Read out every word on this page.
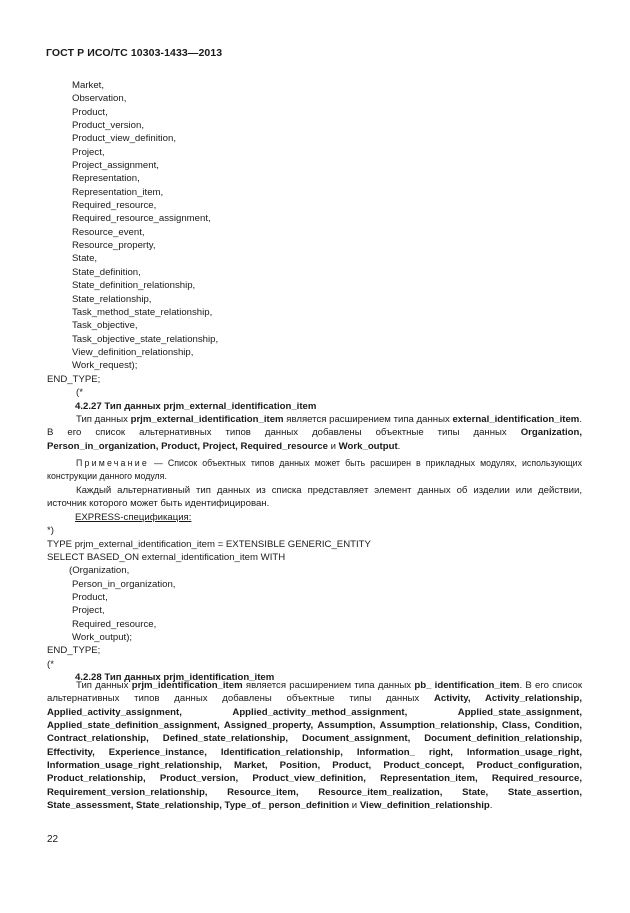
ГОСТ Р ИСО/ТС 10303-1433—2013
Market,
Observation,
Product,
Product_version,
Product_view_definition,
Project,
Project_assignment,
Representation,
Representation_item,
Required_resource,
Required_resource_assignment,
Resource_event,
Resource_property,
State,
State_definition,
State_definition_relationship,
State_relationship,
Task_method_state_relationship,
Task_objective,
Task_objective_state_relationship,
View_definition_relationship,
Work_request);
END_TYPE;
(*
4.2.27 Тип данных prjm_external_identification_item
Тип данных prjm_external_identification_item является расширением типа данных external_identification_item. В его список альтернативных типов данных добавлены объектные типы данных Organization, Person_in_organization, Product, Project, Required_resource и Work_output.
Примечание — Список объектных типов данных может быть расширен в прикладных модулях, использующих конструкции данного модуля.
Каждый альтернативный тип данных из списка представляет элемент данных об изделии или действии, источник которого может быть идентифицирован.
EXPRESS-спецификация:
*)
TYPE prjm_external_identification_item = EXTENSIBLE GENERIC_ENTITY
SELECT BASED_ON external_identification_item WITH
(Organization,
Person_in_organization,
Product,
Project,
Required_resource,
Work_output);
END_TYPE;
(*
4.2.28 Тип данных prjm_identification_item
Тип данных prjm_identification_item является расширением типа данных pb_ identification_item. В его список альтернативных типов данных добавлены объектные типы данных Activity, Activity_relationship, Applied_activity_assignment, Applied_activity_method_assignment, Applied_state_assignment, Applied_state_definition_assignment, Assigned_property, Assumption, Assumption_relationship, Class, Condition, Contract_relationship, Defined_state_relationship, Document_assignment, Document_definition_relationship, Effectivity, Experience_instance, Identification_relationship, Information_ right, Information_usage_right, Information_usage_right_relationship, Market, Position, Product, Product_concept, Product_configuration, Product_relationship, Product_version, Product_view_definition, Representation_item, Required_resource, Requirement_version_relationship, Resource_item, Resource_item_realization, State, State_assertion, State_assessment, State_relationship, Type_of_ person_definition и View_definition_relationship.
22
